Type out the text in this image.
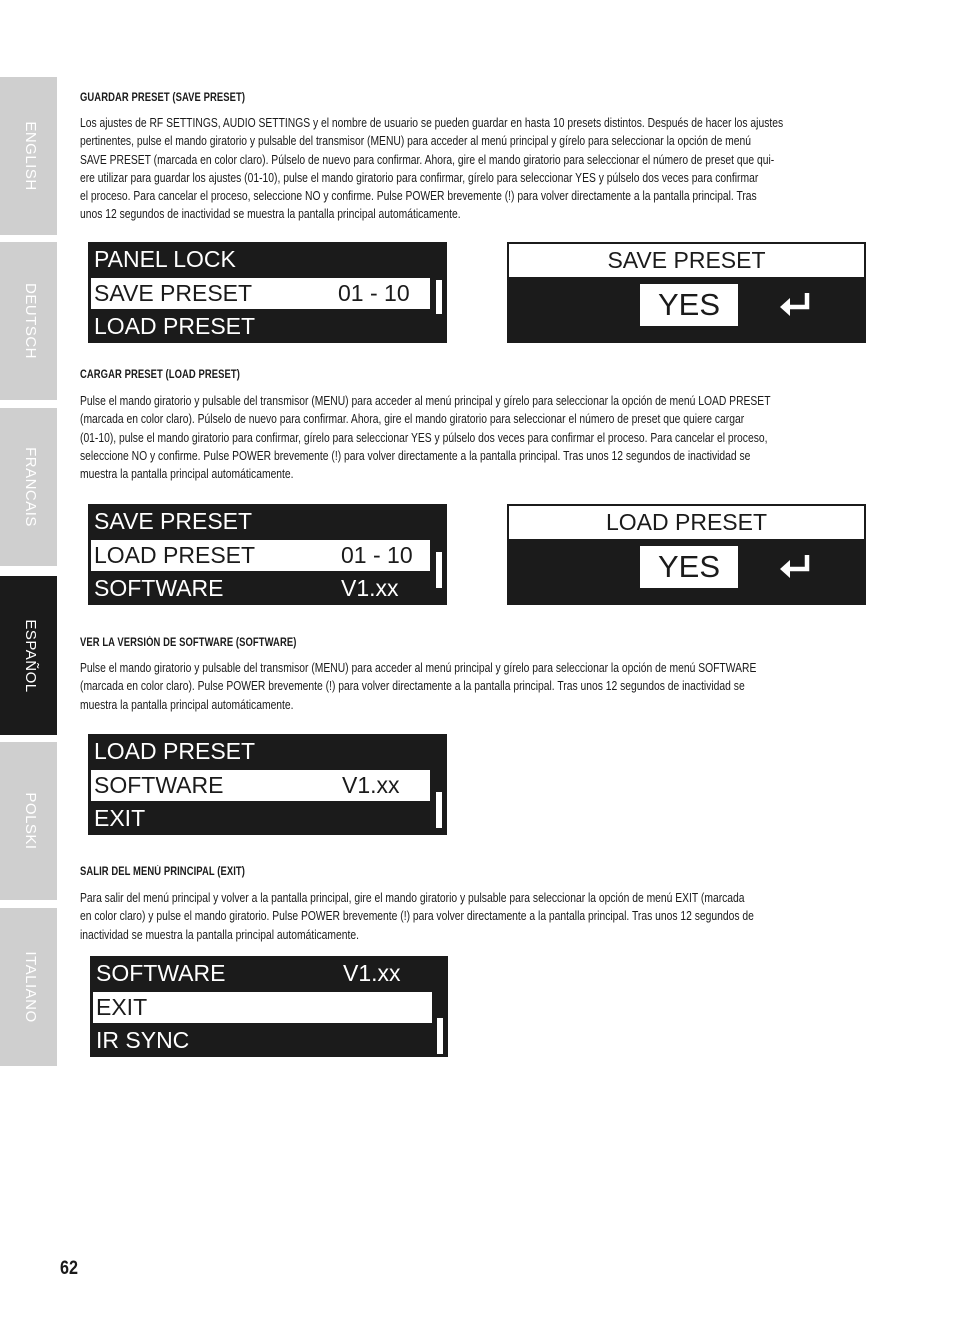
ENGLISH
DEUTSCH
FRANCAIS
ESPAÑOL
POLSKI
ITALIANO
GUARDAR PRESET (SAVE PRESET)
Los ajustes de RF SETTINGS, AUDIO SETTINGS y el nombre de usuario se pueden guardar en hasta 10 presets distintos. Después de hacer los ajustes
pertinentes, pulse el mando giratorio y pulsable del transmisor (MENU) para acceder al menú principal y gírelo para seleccionar la opción de menú
SAVE PRESET (marcada en color claro). Púlselo de nuevo para confirmar. Ahora, gire el mando giratorio para seleccionar el número de preset que qui-
ere utilizar para guardar los ajustes (01-10), pulse el mando giratorio para confirmar, gírelo para seleccionar YES y púlselo dos veces para confirmar
el proceso. Para cancelar el proceso, seleccione NO y confirme. Pulse POWER brevemente (!) para volver directamente a la pantalla principal. Tras
unos 12 segundos de inactividad se muestra la pantalla principal automáticamente.
PANEL LOCK
SAVE PRESET	01 - 10
LOAD PRESET
SAVE PRESET
YES
CARGAR PRESET (LOAD PRESET)
Pulse el mando giratorio y pulsable del transmisor (MENU) para acceder al menú principal y gírelo para seleccionar la opción de menú LOAD PRESET
(marcada en color claro). Púlselo de nuevo para confirmar. Ahora, gire el mando giratorio para seleccionar el número de preset que quiere cargar
(01-10), pulse el mando giratorio para confirmar, gírelo para seleccionar YES y púlselo dos veces para confirmar el proceso. Para cancelar el proceso,
seleccione NO y confirme. Pulse POWER brevemente (!) para volver directamente a la pantalla principal. Tras unos 12 segundos de inactividad se
muestra la pantalla principal automáticamente.
SAVE PRESET
LOAD PRESET	01 - 10
SOFTWARE	V1.xx
LOAD PRESET
YES
VER LA VERSIÓN DE SOFTWARE (SOFTWARE)
Pulse el mando giratorio y pulsable del transmisor (MENU) para acceder al menú principal y gírelo para seleccionar la opción de menú SOFTWARE
(marcada en color claro). Pulse POWER brevemente (!) para volver directamente a la pantalla principal. Tras unos 12 segundos de inactividad se
muestra la pantalla principal automáticamente.
LOAD PRESET
SOFTWARE	V1.xx
EXIT
SALIR DEL MENÚ PRINCIPAL (EXIT)
Para salir del menú principal y volver a la pantalla principal, gire el mando giratorio y pulsable para seleccionar la opción de menú EXIT (marcada
en color claro) y pulse el mando giratorio. Pulse POWER brevemente (!) para volver directamente a la pantalla principal. Tras unos 12 segundos de
inactividad se muestra la pantalla principal automáticamente.
SOFTWARE	V1.xx
EXIT
IR SYNC
62
